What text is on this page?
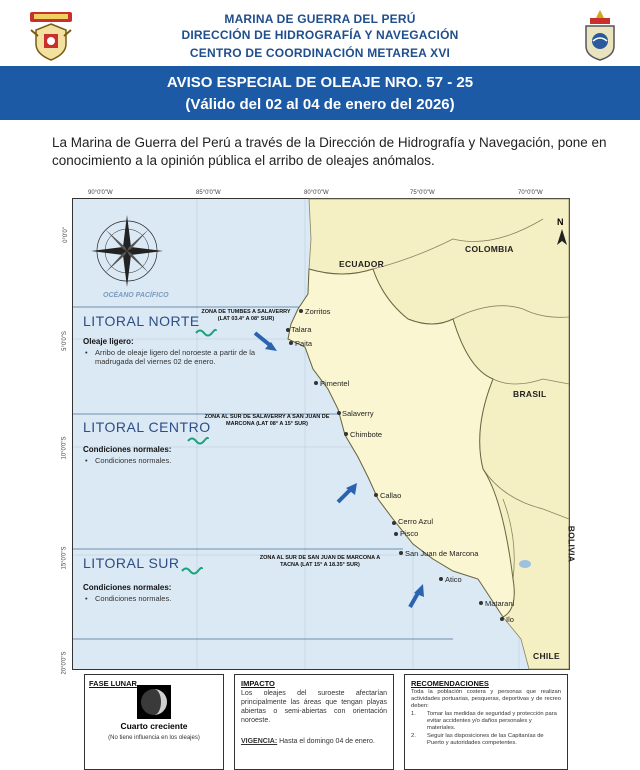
MARINA DE GUERRA DEL PERÚ
DIRECCIÓN DE HIDROGRAFÍA Y NAVEGACIÓN
CENTRO DE COORDINACIÓN METAREA XVI
AVISO ESPECIAL DE OLEAJE NRO. 57 - 25
(Válido del 02 al 04 de enero del 2026)
La Marina de Guerra del Perú a través de la Dirección de Hidrografía y Navegación, pone en conocimiento a la opinión pública el arribo de oleajes anómalos.
90°0'0"W	85°0'0"W	80°0'0"W	75°0'0"W	70°0'0"W
0°0'0"
5°0'0"S
10°0'0"S
15°0'0"S
20°0'0"S
N
OCÉANO PACÍFICO
ECUADOR
COLOMBIA
BRASIL
BOLIVIA
CHILE
Zorritos
Talara
Paita
Pimentel
Salaverry
Chimbote
Callao
Cerro Azul
Pisco
San Juan de Marcona
Atico
Matarani
Ilo
LITORAL NORTE
ZONA DE TUMBES A SALAVERRY
(LAT 03.4° A 08° SUR)
Oleaje ligero:
• Arribo de oleaje ligero del noroeste a partir de la madrugada del viernes 02 de enero.
LITORAL CENTRO
ZONA AL SUR DE SALAVERRY A SAN JUAN DE
MARCONA (LAT 08° A 15° SUR)
Condiciones normales:
• Condiciones normales.
LITORAL SUR	ZONA AL SUR DE SAN JUAN DE MARCONA A
TACNA (LAT 15° A 18.35° SUR)
Condiciones normales:
• Condiciones normales.
FASE LUNAR
Cuarto creciente
(No tiene influencia en los oleajes)
IMPACTO
Los oleajes del suroeste afectarían principalmente las áreas que tengan playas abiertas o semi-abiertas con orientación noroeste.
VIGENCIA: Hasta el domingo 04 de enero.
RECOMENDACIONES
Toda la población costera y personas que realizan actividades portuarias, pesqueras, deportivas y de recreo deben:
1.	Tomar las medidas de seguridad y protección para evitar accidentes y/o daños personales y materiales.
2.	Seguir las disposiciones de las Capitanías de Puerto y autoridades competentes.
